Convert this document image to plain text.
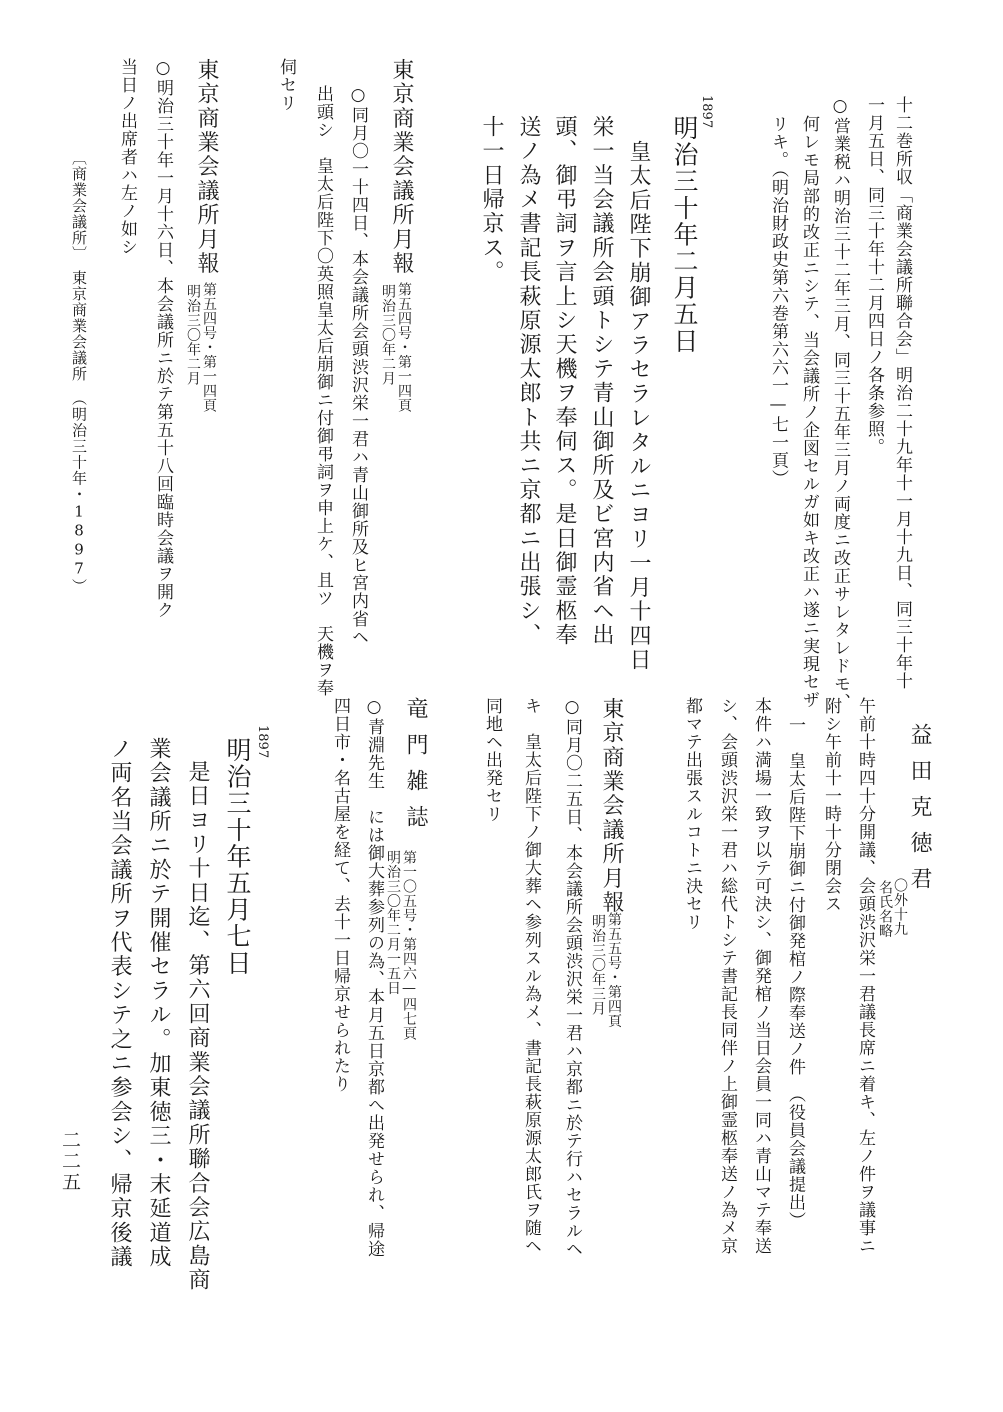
十二巻所収「商業会議所聯合会」明治二十九年十一月十九日、同三十年十
一月五日、同三十年十二月四日ノ各条参照。
○営業税ハ明治三十二年三月、同三十五年三月ノ両度ニ改正サレタレドモ、
何レモ局部的改正ニシテ、当会議所ノ企図セルガ如キ改正ハ遂ニ実現セザ
リキ。（明治財政史第六巻第六六一—七一頁）
1897
明治三十年二月五日
皇太后陛下崩御アラセラレタルニヨリ一月十四日
栄一当会議所会頭トシテ青山御所及ビ宮内省ヘ出
頭、御弔詞ヲ言上シ天機ヲ奉伺ス。是日御霊柩奉
送ノ為メ書記長萩原源太郎ト共ニ京都ニ出張シ、
十一日帰京ス。
東京商業会議所月報
第五四号・第一四頁
明治三〇年二月
○同月〇一十四日、本会議所会頭渋沢栄一君ハ青山御所及ヒ宮内省ヘ
出頭シ　皇太后陛下〇英照皇太后崩御ニ付御弔詞ヲ申上ケ、且ツ　天機ヲ奉
伺セリ
東京商業会議所月報
第五四号・第一四頁
明治三〇年二月
○明治三十年一月十六日、本会議所ニ於テ第五十八回臨時会議ヲ開ク
当日ノ出席者ハ左ノ如シ
〔商業会議所〕
東京商業会議所　（明治三十年・1897）
益田克徳君
〇外十九
名氏名略
午前十時四十分開議、会頭渋沢栄一君議長席ニ着キ、左ノ件ヲ議事ニ
附シ午前十一時十分閉会ス
一　皇太后陛下崩御ニ付御発棺ノ際奉送ノ件　（役員会議提出）
本件ハ満場一致ヲ以テ可決シ、御発棺ノ当日会員一同ハ青山マテ奉送
シ、会頭渋沢栄一君ハ総代トシテ書記長同伴ノ上御霊柩奉送ノ為メ京
都マテ出張スルコトニ決セリ
東京商業会議所月報
第五五号・第四頁
明治三〇年三月
○同月〇二五日、本会議所会頭渋沢栄一君ハ京都ニ於テ行ハセラルヘ
キ　皇太后陛下ノ御大葬ヘ参列スル為メ、書記長萩原源太郎氏ヲ随ヘ
同地ヘ出発セリ
竜門雑誌
第一〇五号・第四六—四七頁
明治三〇年二月一五日
○青淵先生　には御大葬参列の為、本月五日京都へ出発せられ、帰途
四日市・名古屋を経て、去十一日帰京せられたり
1897
明治三十年五月七日
是日ヨリ十日迄、第六回商業会議所聯合会広島商
業会議所ニ於テ開催セラル。加東徳三・末延道成
ノ両名当会議所ヲ代表シテ之ニ参会シ、帰京後議
二二五
